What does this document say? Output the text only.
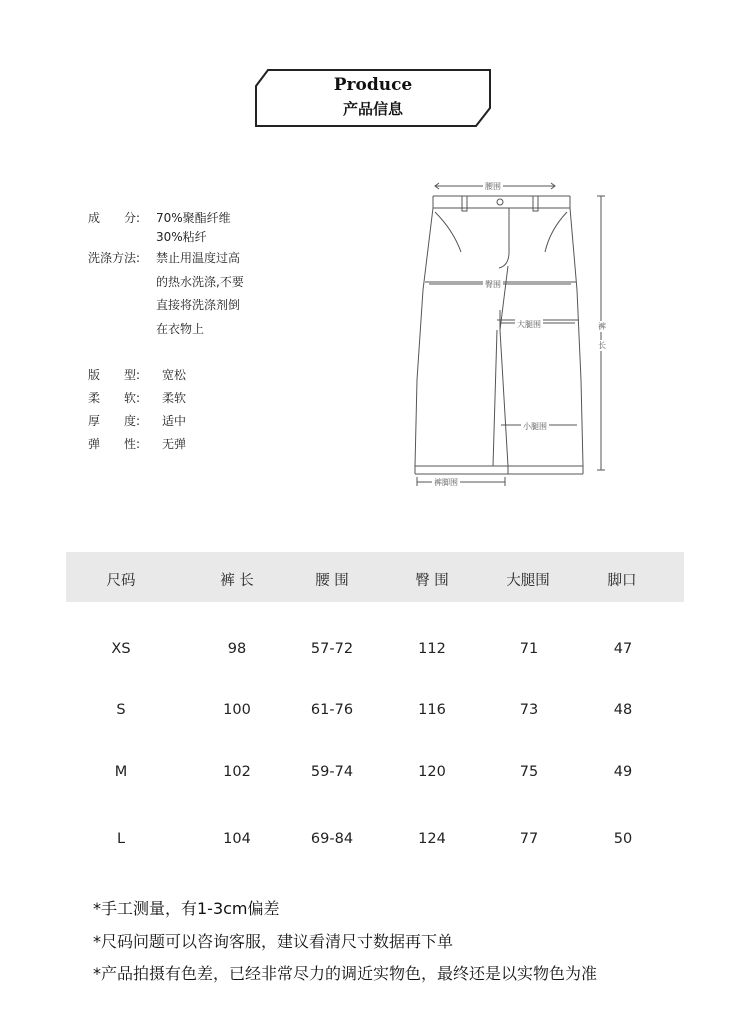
Produce
产品信息
成　　分:	70%聚酯纤维
30%粘纤
洗涤方法:	禁止用温度过高
的热水洗涤,不要
直接将洗涤剂倒
在衣物上
版　　型:	宽松
柔　　软:	柔软
厚　　度:	适中
弹　　性:	无弹
腰围
臀围
大腿围
小腿围
裤脚围
裤
长
尺码	裤 长	腰 围	臀 围	大腿围	脚口
XS	98	57-72	112	71	47
S	100	61-76	116	73	48
M	102	59-74	120	75	49
L	104	69-84	124	77	50
*手工测量，有1-3cm偏差
*尺码问题可以咨询客服，建议看清尺寸数据再下单
*产品拍摄有色差，已经非常尽力的调近实物色，最终还是以实物色为准
